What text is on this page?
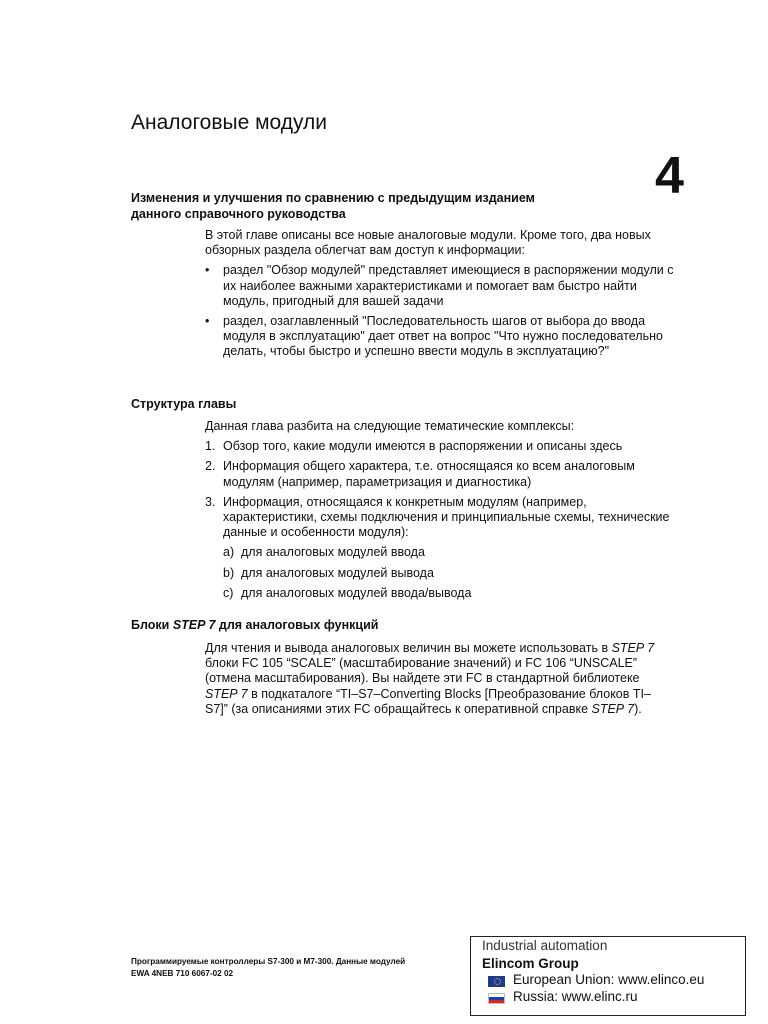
Аналоговые модули
4
Изменения и улучшения по сравнению с предыдущим изданием
данного справочного руководства

В этой главе описаны все новые аналоговые модули. Кроме того, два новых обзорных раздела облегчат вам доступ к информации:

• раздел "Обзор модулей" представляет имеющиеся в распоряжении модули с их наиболее важными характеристиками и помогает вам быстро найти модуль, пригодный для вашей задачи
• раздел, озаглавленный "Последовательность шагов от выбора до ввода модуля в эксплуатацию" дает ответ на вопрос "Что нужно последовательно делать, чтобы быстро и успешно ввести модуль в эксплуатацию?"
Структура главы

Данная глава разбита на следующие тематические комплексы:

1. Обзор того, какие модули имеются в распоряжении и описаны здесь
2. Информация общего характера, т.е. относящаяся ко всем аналоговым модулям (например, параметризация и диагностика)
3. Информация, относящаяся к конкретным модулям (например, характеристики, схемы подключения и принципиальные схемы, технические данные и особенности модуля):
a) для аналоговых модулей ввода
b) для аналоговых модулей вывода
c) для аналоговых модулей ввода/вывода
Блоки STEP 7 для аналоговых функций

Для чтения и вывода аналоговых величин вы можете использовать в STEP 7 блоки FC 105 “SCALE” (масштабирование значений) и FC 106 “UNSCALE” (отмена масштабирования). Вы найдете эти FC в стандартной библиотеке STEP 7 в подкаталоге “TI–S7–Converting Blocks [Преобразование блоков TI–S7]” (за описаниями этих FC обращайтесь к оперативной справке STEP 7).

Программируемые контроллеры S7-300 и M7-300. Данные модулей
EWA 4NEB 710 6067-02 02
Industrial automation
Elincom Group
European Union: www.elinco.eu
Russia: www.elinc.ru
